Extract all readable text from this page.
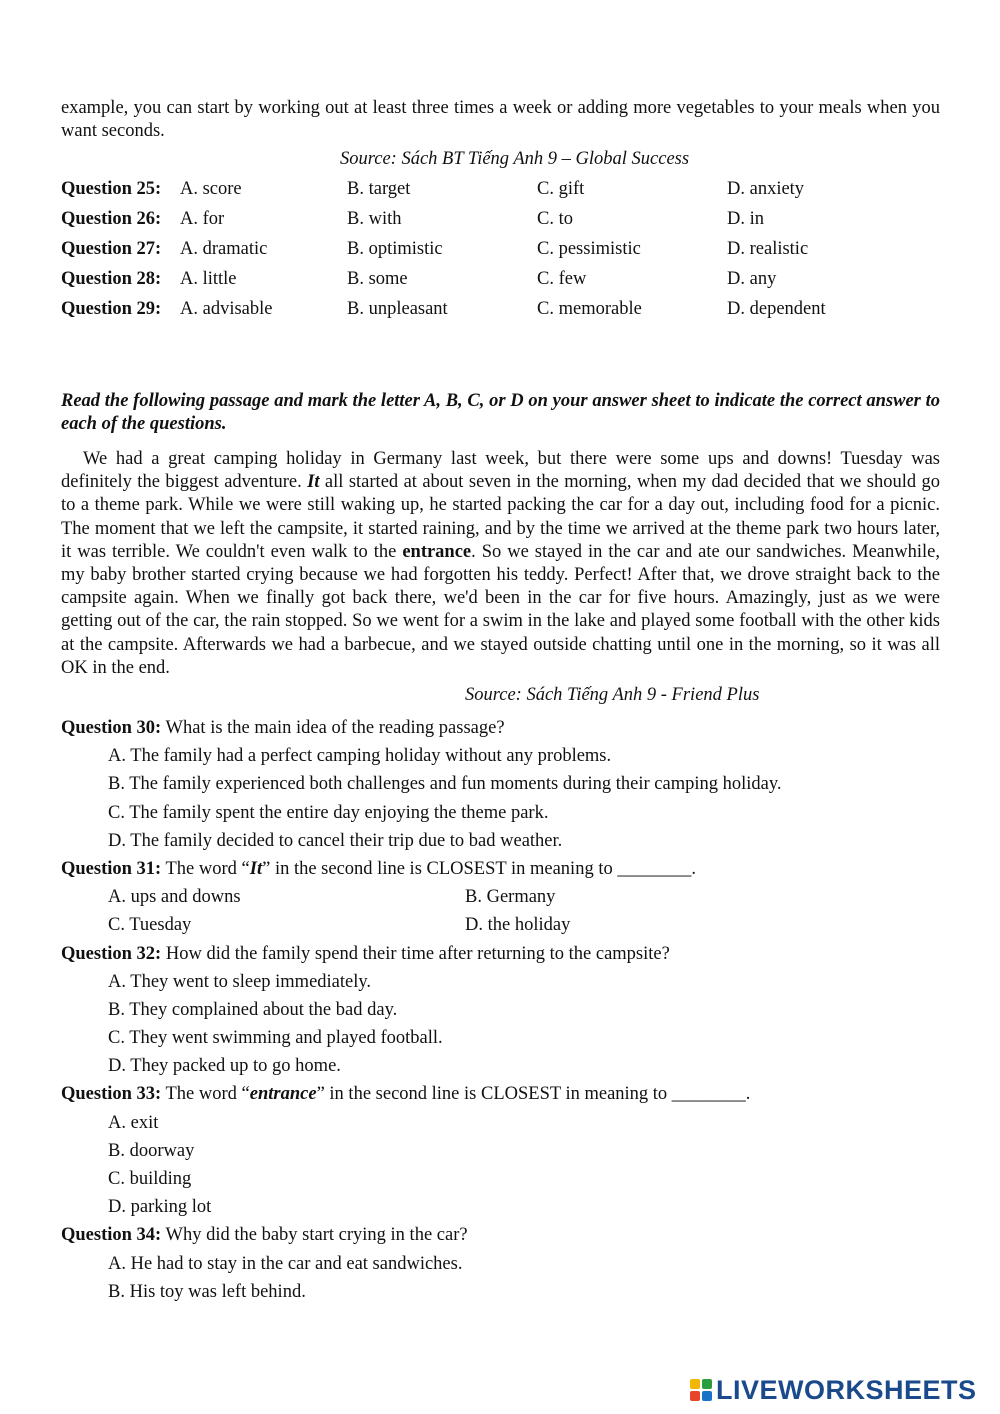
example, you can start by working out at least three times a week or adding more vegetables to your meals when you want seconds.

Source: Sách BT Tiếng Anh 9 – Global Success

Question 25: A. score	B. target	C. gift	D. anxiety
Question 26: A. for	B. with	C. to	D. in
Question 27: A. dramatic	B. optimistic	C. pessimistic	D. realistic
Question 28: A. little	B. some	C. few	D. any
Question 29: A. advisable	B. unpleasant	C. memorable	D. dependent

Read the following passage and mark the letter A, B, C, or D on your answer sheet to indicate the correct answer to each of the questions.

We had a great camping holiday in Germany last week, but there were some ups and downs! Tuesday was definitely the biggest adventure. It all started at about seven in the morning, when my dad decided that we should go to a theme park. While we were still waking up, he started packing the car for a day out, including food for a picnic. The moment that we left the campsite, it started raining, and by the time we arrived at the theme park two hours later, it was terrible. We couldn't even walk to the entrance. So we stayed in the car and ate our sandwiches. Meanwhile, my baby brother started crying because we had forgotten his teddy. Perfect! After that, we drove straight back to the campsite again. When we finally got back there, we'd been in the car for five hours. Amazingly, just as we were getting out of the car, the rain stopped. So we went for a swim in the lake and played some football with the other kids at the campsite. Afterwards we had a barbecue, and we stayed outside chatting until one in the morning, so it was all OK in the end.

Source: Sách Tiếng Anh 9 - Friend Plus

Question 30: What is the main idea of the reading passage?
A. The family had a perfect camping holiday without any problems.
B. The family experienced both challenges and fun moments during their camping holiday.
C. The family spent the entire day enjoying the theme park.
D. The family decided to cancel their trip due to bad weather.
Question 31: The word “It” in the second line is CLOSEST in meaning to ________.
A. ups and downs	B. Germany
C. Tuesday	D. the holiday
Question 32: How did the family spend their time after returning to the campsite?
A. They went to sleep immediately.
B. They complained about the bad day.
C. They went swimming and played football.
D. They packed up to go home.
Question 33: The word “entrance” in the second line is CLOSEST in meaning to ________.
A. exit
B. doorway
C. building
D. parking lot
Question 34: Why did the baby start crying in the car?
A. He had to stay in the car and eat sandwiches.
B. His toy was left behind.
LIVEWORKSHEETS
